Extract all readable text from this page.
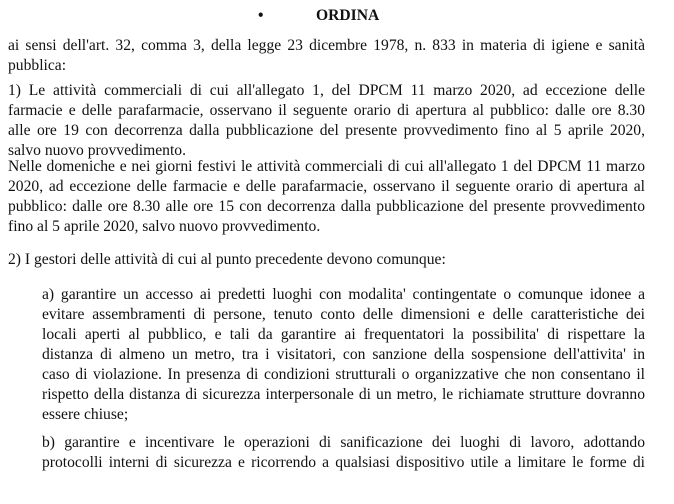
•	ORDINA
ai sensi dell'art. 32, comma 3, della legge 23 dicembre 1978, n. 833 in materia di igiene e sanità
pubblica:
1) Le attività commerciali di cui all'allegato 1, del DPCM 11 marzo 2020, ad eccezione delle
farmacie e delle parafarmacie, osservano il seguente orario di apertura al pubblico: dalle ore 8.30
alle ore 19 con decorrenza dalla pubblicazione del presente provvedimento fino al 5 aprile 2020,
salvo nuovo provvedimento.
Nelle domeniche e nei giorni festivi le attività commerciali di cui all'allegato 1 del DPCM 11 marzo
2020, ad eccezione delle farmacie e delle parafarmacie, osservano il seguente orario di apertura al
pubblico: dalle ore 8.30 alle ore 15 con decorrenza dalla pubblicazione del presente provvedimento
fino al 5 aprile 2020, salvo nuovo provvedimento.
2) I gestori delle attività di cui al punto precedente devono comunque:
a) garantire un accesso ai predetti luoghi con modalita' contingentate o comunque idonee a
evitare assembramenti di persone, tenuto conto delle dimensioni e delle caratteristiche dei
locali aperti al pubblico, e tali da garantire ai frequentatori la possibilita' di rispettare la
distanza di almeno un metro, tra i visitatori, con sanzione della sospensione dell'attivita' in
caso di violazione. In presenza di condizioni strutturali o organizzative che non consentano il
rispetto della distanza di sicurezza interpersonale di un metro, le richiamate strutture dovranno
essere chiuse;
b) garantire e incentivare le operazioni di sanificazione dei luoghi di lavoro, adottando
protocolli interni di sicurezza e ricorrendo a qualsiasi dispositivo utile a limitare le forme di
